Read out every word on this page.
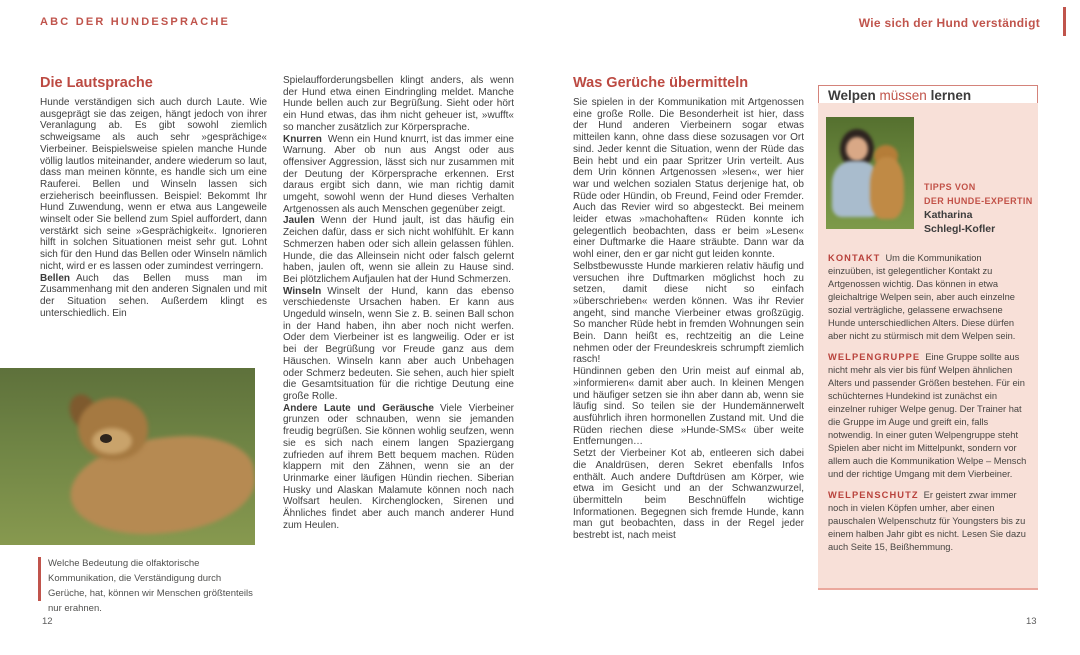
ABC DER HUNDESPRACHE	Wie sich der Hund verständigt
Die Lautsprache

Hunde verständigen sich auch durch Laute. Wie ausgeprägt sie das zeigen, hängt jedoch von ihrer Veranlagung ab. Es gibt sowohl ziemlich schweigsame als auch sehr »gesprächige« Vierbeiner. Beispielsweise spielen manche Hunde völlig lautlos miteinander, andere wiederum so laut, dass man meinen könnte, es handle sich um eine Rauferei. Bellen und Winseln lassen sich erzieherisch beeinflussen. Beispiel: Bekommt Ihr Hund Zuwendung, wenn er etwa aus Langeweile winselt oder Sie bellend zum Spiel auffordert, dann verstärkt sich seine »Gesprächigkeit«. Ignorieren hilft in solchen Situationen meist sehr gut. Lohnt sich für den Hund das Bellen oder Winseln nämlich nicht, wird er es lassen oder zumindest verringern.

Bellen Auch das Bellen muss man im Zusammenhang mit den anderen Signalen und mit der Situation sehen. Außerdem klingt es unterschiedlich. Ein

Welche Bedeutung die olfaktorische Kommunikation, die Verständigung durch Gerüche, hat, können wir Menschen größtenteils nur erahnen.
12

Spielaufforderungsbellen klingt anders, als wenn der Hund etwa einen Eindringling meldet. Manche Hunde bellen auch zur Begrüßung. Sieht oder hört ein Hund etwas, das ihm nicht geheuer ist, »wufft« so mancher zusätzlich zur Körpersprache.

Knurren Wenn ein Hund knurrt, ist das immer eine Warnung. Aber ob nun aus Angst oder aus offensiver Aggression, lässt sich nur zusammen mit der Deutung der Körpersprache erkennen. Erst daraus ergibt sich dann, wie man richtig damit umgeht, sowohl wenn der Hund dieses Verhalten Artgenossen als auch Menschen gegenüber zeigt.

Jaulen Wenn der Hund jault, ist das häufig ein Zeichen dafür, dass er sich nicht wohlfühlt. Er kann Schmerzen haben oder sich allein gelassen fühlen. Hunde, die das Alleinsein nicht oder falsch gelernt haben, jaulen oft, wenn sie allein zu Hause sind. Bei plötzlichem Aufjaulen hat der Hund Schmerzen.

Winseln Winselt der Hund, kann das ebenso verschiedenste Ursachen haben. Er kann aus Ungeduld winseln, wenn Sie z. B. seinen Ball schon in der Hand haben, ihn aber noch nicht werfen. Oder dem Vierbeiner ist es langweilig. Oder er ist bei der Begrüßung vor Freude ganz aus dem Häuschen. Winseln kann aber auch Unbehagen oder Schmerz bedeuten. Sie sehen, auch hier spielt die Gesamtsituation für die richtige Deutung eine große Rolle.

Andere Laute und Geräusche Viele Vierbeiner grunzen oder schnauben, wenn sie jemanden freudig begrüßen. Sie können wohlig seufzen, wenn sie es sich nach einem langen Spaziergang zufrieden auf ihrem Bett bequem machen. Rüden klappern mit den Zähnen, wenn sie an der Urinmarke einer läufigen Hündin riechen. Siberian Husky und Alaskan Malamute können noch nach Wolfsart heulen. Kirchenglocken, Sirenen und Ähnliches findet aber auch manch anderer Hund zum Heulen.

Was Gerüche übermitteln

Sie spielen in der Kommunikation mit Artgenossen eine große Rolle. Die Besonderheit ist hier, dass der Hund anderen Vierbeinern sogar etwas mitteilen kann, ohne dass diese sozusagen vor Ort sind. Jeder kennt die Situation, wenn der Rüde das Bein hebt und ein paar Spritzer Urin verteilt. Aus dem Urin können Artgenossen »lesen«, wer hier war und welchen sozialen Status derjenige hat, ob Rüde oder Hündin, ob Freund, Feind oder Fremder. Auch das Revier wird so abgesteckt. Bei meinem leider etwas »machohaften« Rüden konnte ich gelegentlich beobachten, dass er beim »Lesen« einer Duftmarke die Haare sträubte. Dann war da wohl einer, den er gar nicht gut leiden konnte.

Selbstbewusste Hunde markieren relativ häufig und versuchen ihre Duftmarken möglichst hoch zu setzen, damit diese nicht so einfach »überschrieben« werden können. Was ihr Revier angeht, sind manche Vierbeiner etwas großzügig. So mancher Rüde hebt in fremden Wohnungen sein Bein. Dann heißt es, rechtzeitig an die Leine nehmen oder der Freundeskreis schrumpft ziemlich rasch!

Hündinnen geben den Urin meist auf einmal ab, »informieren« damit aber auch. In kleinen Mengen und häufiger setzen sie ihn aber dann ab, wenn sie läufig sind. So teilen sie der Hundemännerwelt ausführlich ihren hormonellen Zustand mit. Und die Rüden riechen diese »Hunde-SMS« über weite Entfernungen…

Setzt der Vierbeiner Kot ab, entleeren sich dabei die Analdrüsen, deren Sekret ebenfalls Infos enthält. Auch andere Duftdrüsen am Körper, wie etwa im Gesicht und an der Schwanzwurzel, übermitteln beim Beschnüffeln wichtige Informationen. Begegnen sich fremde Hunde, kann man gut beobachten, dass in der Regel jeder bestrebt ist, nach meist

Welpen müssen lernen
TIPPS VON
DER HUNDE-EXPERTIN
Katharina
Schlegl-Kofler

KONTAKT Um die Kommunikation einzuüben, ist gelegentlicher Kontakt zu Artgenossen wichtig. Das können in etwa gleichaltrige Welpen sein, aber auch einzelne sozial verträgliche, gelassene erwachsene Hunde unterschiedlichen Alters. Diese dürfen aber nicht zu stürmisch mit dem Welpen sein.

WELPENGRUPPE Eine Gruppe sollte aus nicht mehr als vier bis fünf Welpen ähnlichen Alters und passender Größen bestehen. Für ein schüchternes Hundekind ist zunächst ein einzelner ruhiger Welpe genug. Der Trainer hat die Gruppe im Auge und greift ein, falls notwendig. In einer guten Welpengruppe steht Spielen aber nicht im Mittelpunkt, sondern vor allem auch die Kommunikation Welpe – Mensch und der richtige Umgang mit dem Vierbeiner.

WELPENSCHUTZ Er geistert zwar immer noch in vielen Köpfen umher, aber einen pauschalen Welpenschutz für Youngsters bis zu einem halben Jahr gibt es nicht. Lesen Sie dazu auch Seite 15, Beißhemmung.

13
